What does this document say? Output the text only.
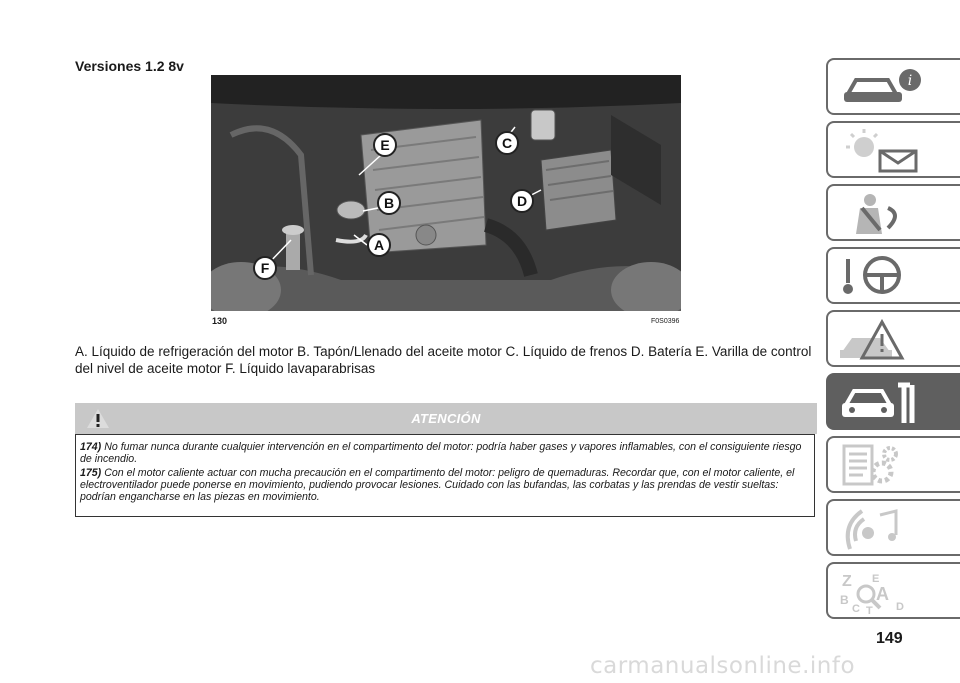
Versiones 1.2 8v
E
B
C
D
A
F
130	F0S0396
A. Líquido de refrigeración del motor B. Tapón/Llenado del aceite motor C. Líquido de frenos D. Batería E. Varilla de control del nivel de aceite motor F. Líquido lavaparabrisas
ATENCIÓN

174) No fumar nunca durante cualquier intervención en el compartimento del motor: podría haber gases y vapores inflamables, con el consiguiente riesgo de incendio.

175) Con el motor caliente actuar con mucha precaución en el compartimento del motor: peligro de quemaduras. Recordar que, con el motor caliente, el electroventilador puede ponerse en movimiento, pudiendo provocar lesiones. Cuidado con las bufandas, las corbatas y las prendas de vestir sueltas: podrían engancharse en las piezas en movimiento.

i
Z E
B A
C	D
T
149
carmanualsonline.info
